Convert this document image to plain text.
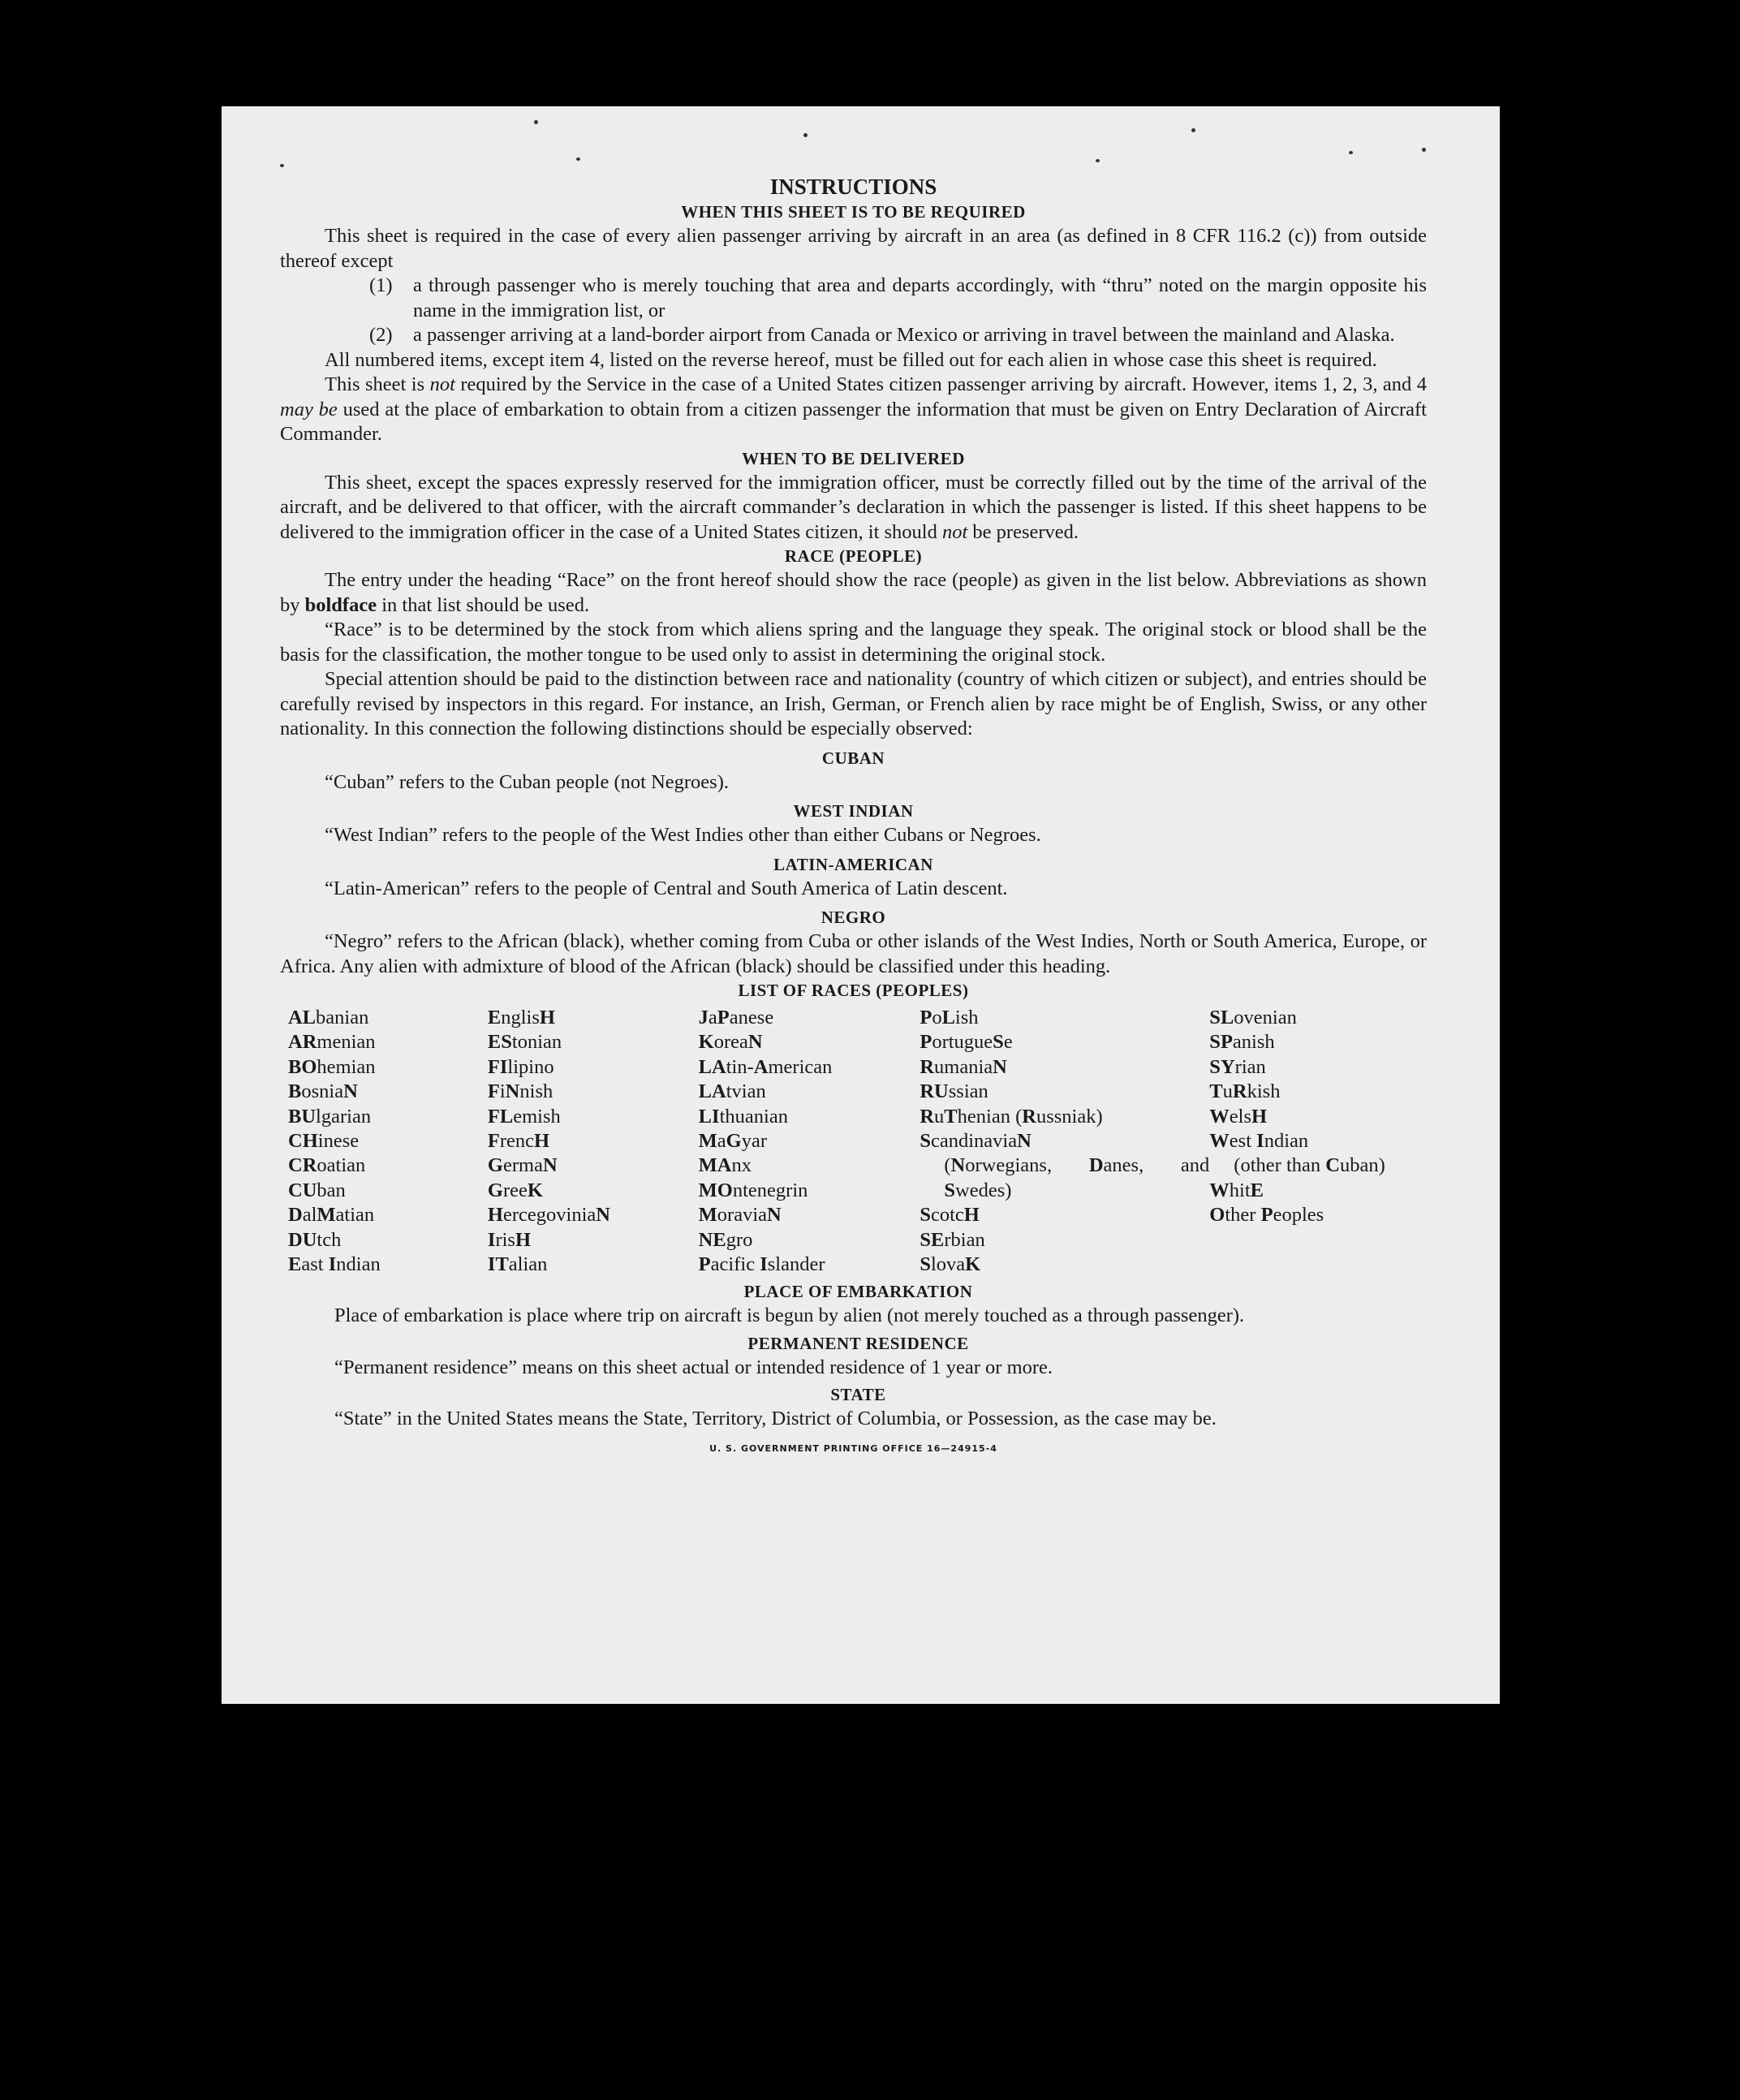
INSTRUCTIONS
WHEN THIS SHEET IS TO BE REQUIRED

This sheet is required in the case of every alien passenger arriving by aircraft in an area (as defined in 8 CFR 116.2 (c)) from outside thereof except

(1)	a through passenger who is merely touching that area and departs accordingly, with “thru” noted on the margin opposite his name in the immigration list, or
(2)	a passenger arriving at a land-border airport from Canada or Mexico or arriving in travel between the mainland and Alaska.

All numbered items, except item 4, listed on the reverse hereof, must be filled out for each alien in whose case this sheet is required.

This sheet is not required by the Service in the case of a United States citizen passenger arriving by aircraft. However, items 1, 2, 3, and 4 may be used at the place of embarkation to obtain from a citizen passenger the information that must be given on Entry Declaration of Aircraft Commander.

WHEN TO BE DELIVERED

This sheet, except the spaces expressly reserved for the immigration officer, must be correctly filled out by the time of the arrival of the aircraft, and be delivered to that officer, with the aircraft commander’s declaration in which the passenger is listed. If this sheet happens to be delivered to the immigration officer in the case of a United States citizen, it should not be preserved.

RACE (PEOPLE)

The entry under the heading “Race” on the front hereof should show the race (people) as given in the list below. Abbreviations as shown by boldface in that list should be used.

“Race” is to be determined by the stock from which aliens spring and the language they speak. The original stock or blood shall be the basis for the classification, the mother tongue to be used only to assist in determining the original stock.

Special attention should be paid to the distinction between race and nationality (country of which citizen or subject), and entries should be carefully revised by inspectors in this regard. For instance, an Irish, German, or French alien by race might be of English, Swiss, or any other nationality. In this connection the following distinctions should be especially observed:

CUBAN

“Cuban” refers to the Cuban people (not Negroes).

WEST INDIAN

“West Indian” refers to the people of the West Indies other than either Cubans or Negroes.

LATIN-AMERICAN

“Latin-American” refers to the people of Central and South America of Latin descent.

NEGRO

“Negro” refers to the African (black), whether coming from Cuba or other islands of the West Indies, North or South America, Europe, or Africa. Any alien with admixture of blood of the African (black) should be classified under this heading.

LIST OF RACES (PEOPLES)
ALbanian
ARmenian
BOhemian
BosniaN
BUlgarian
CHinese
CRoatian
CUban
DalMatian
DUtch
East Indian
EnglisH
EStonian
FIlipino
FiNnish
FLemish
FrencH
GermaN
GreeK
HercegoviniaN
IrisH
ITalian
JaPanese
KoreaN
LAtin-American
LAtvian
LIthuanian
MaGyar
MAnx
MOntenegrin
MoraviaN
NEgro
Pacific Islander
PoLish
PortugueSe
RumaniaN
RUssian
RuThenian (Russniak)
ScandinaviaN
(Norwegians, Danes, and Swedes)
ScotcH
SErbian
SlovaK
SLovenian
SPanish
SYrian
TuRkish
WelsH
West Indian
(other than Cuban)
WhitE
Other Peoples
PLACE OF EMBARKATION

Place of embarkation is place where trip on aircraft is begun by alien (not merely touched as a through passenger).

PERMANENT RESIDENCE

“Permanent residence” means on this sheet actual or intended residence of 1 year or more.

STATE

“State” in the United States means the State, Territory, District of Columbia, or Possession, as the case may be.

U. S. GOVERNMENT PRINTING OFFICE 16—24915-4
